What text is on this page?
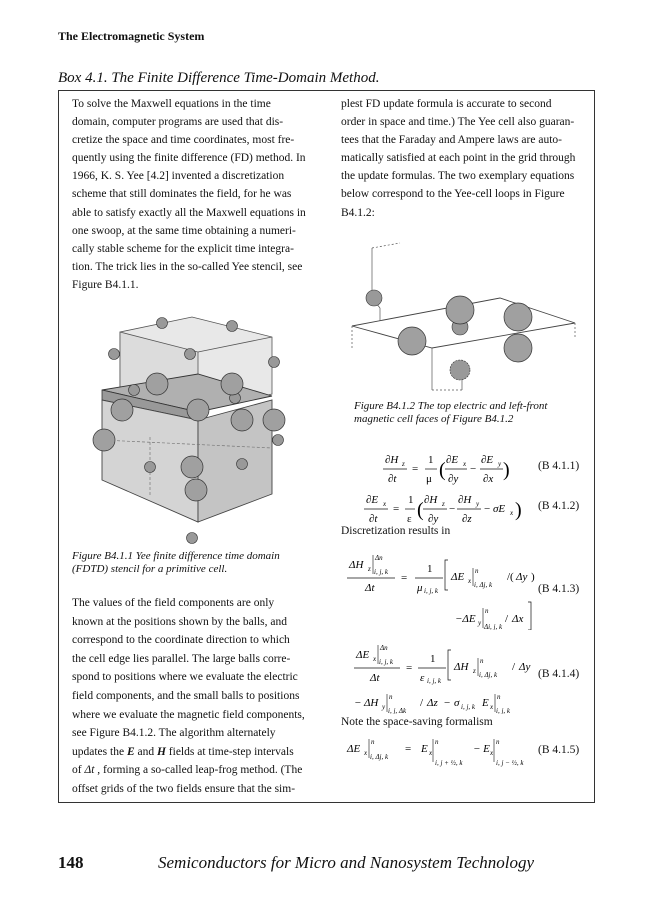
The Electromagnetic System
Box 4.1. The Finite Difference Time-Domain Method.

To solve the Maxwell equations in the time

domain, computer programs are used that dis-

cretize the space and time coordinates, most fre-

quently using the finite difference (FD) method. In

1966, K. S. Yee [4.2] invented a discretization

scheme that still dominates the field, for he was

able to satisfy exactly all the Maxwell equations in

one swoop, at the same time obtaining a numeri-

cally stable scheme for the explicit time integra-

tion. The trick lies in the so-called Yee stencil, see

Figure B4.1.1.

plest FD update formula is accurate to second

order in space and time.) The Yee cell also guaran-

tees that the Faraday and Ampere laws are auto-

matically satisfied at each point in the grid through

the update formulas. The two exemplary equations

below correspond to the Yee-cell loops in Figure

B4.1.2:

Figure B4.1.1 Yee finite difference time domain
(FDTD) stencil for a primitive cell.

The values of the field components are only

known at the positions shown by the balls, and

correspond to the coordinate direction to which

the cell edge lies parallel. The large balls corre-

spond to positions where we evaluate the electric

field components, and the small balls to positions

where we evaluate the magnetic field components,

see Figure B4.1.2. The algorithm alternately

updates the E and H fields at time-step intervals

of Δt , forming a so-called leap-frog method. (The

offset grids of the two fields ensure that the sim-

Figure B4.1.2 The top electric and left-front
magnetic cell faces of Figure B4.1.2
∂H z
∂t
=
1
μ ( ∂E x
∂y
−
∂E y
∂x ) (B 4.1.1)
∂E x
∂t
=
1
ε ( ∂H z
∂y
−
∂H y
∂z
− σE x ) (B 4.1.2)
Discretization results in
ΔH z
Δn
i, j, k
Δt
=
1
μ i, j, k
ΔE x
n
i, Δj, k
/( Δy )
−ΔE y
n
Δi, j, k
/ Δx
(B 4.1.3)
ΔE x
Δn
i, j, k
Δt
=
1
ε i, j, k
ΔH z
n
i, Δj, k
/ Δy
− ΔH y
n
i, j, Δk
/ Δz − σ i, j, k E x
n
i, j, k
(B 4.1.4)
Note the space-saving formalism
ΔE x
n
i, Δj, k
= E x
n
i, j + ½, k
− E x
n
i, j − ½, k
(B 4.1.5)
148	Semiconductors for Micro and Nanosystem Technology
